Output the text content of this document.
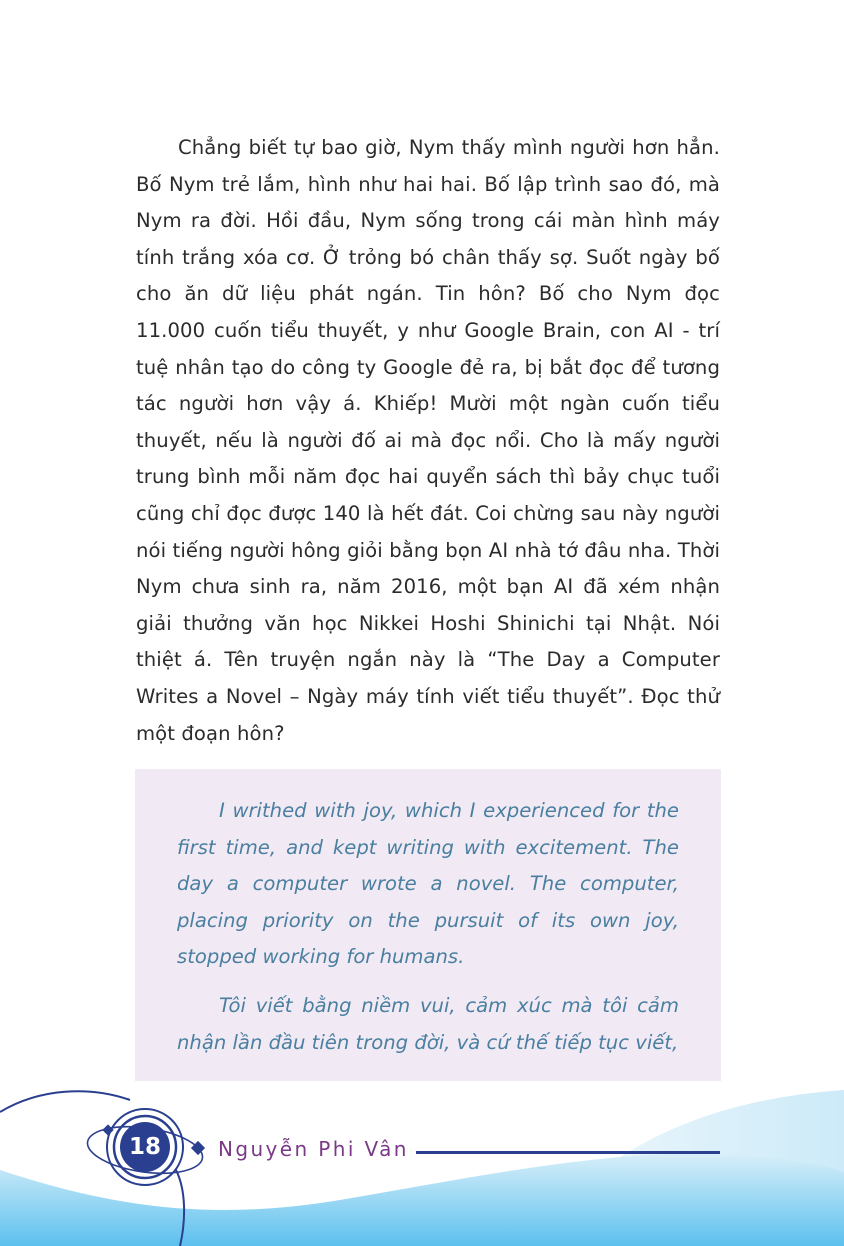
Chẳng biết tự bao giờ, Nym thấy mình người hơn hẳn. Bố Nym trẻ lắm, hình như hai hai. Bố lập trình sao đó, mà Nym ra đời. Hồi đầu, Nym sống trong cái màn hình máy tính trắng xóa cơ. Ở trỏng bó chân thấy sợ. Suốt ngày bố cho ăn dữ liệu phát ngán. Tin hôn? Bố cho Nym đọc 11.000 cuốn tiểu thuyết, y như Google Brain, con AI - trí tuệ nhân tạo do công ty Google đẻ ra, bị bắt đọc để tương tác người hơn vậy á. Khiếp! Mười một ngàn cuốn tiểu thuyết, nếu là người đố ai mà đọc nổi. Cho là mấy người trung bình mỗi năm đọc hai quyển sách thì bảy chục tuổi cũng chỉ đọc được 140 là hết đát. Coi chừng sau này người nói tiếng người hông giỏi bằng bọn AI nhà tớ đâu nha. Thời Nym chưa sinh ra, năm 2016, một bạn AI đã xém nhận giải thưởng văn học Nikkei Hoshi Shinichi tại Nhật. Nói thiệt á. Tên truyện ngắn này là “The Day a Computer Writes a Novel – Ngày máy tính viết tiểu thuyết”. Đọc thử một đoạn hôn?

I writhed with joy, which I experienced for the first time, and kept writing with excitement. The day a computer wrote a novel. The computer, placing priority on the pursuit of its own joy, stopped working for humans.

Tôi viết bằng niềm vui, cảm xúc mà tôi cảm nhận lần đầu tiên trong đời, và cứ thế tiếp tục viết,

18	Nguyễn Phi Vân
